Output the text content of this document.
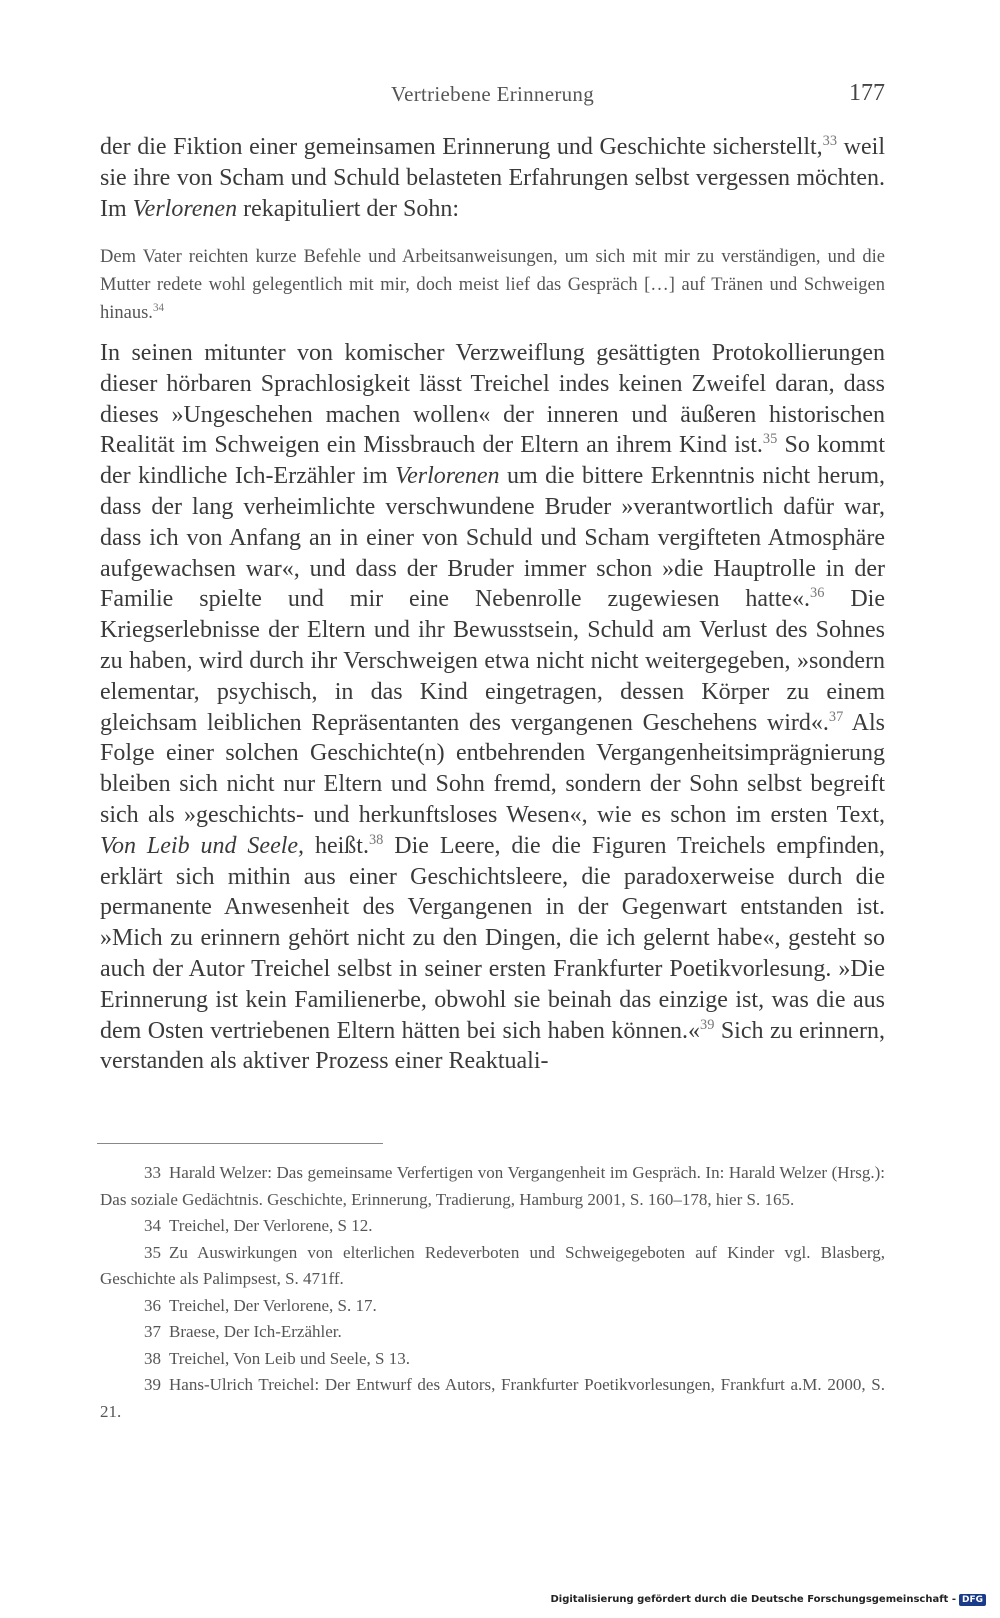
Vertriebene Erinnerung	177
der die Fiktion einer gemeinsamen Erinnerung und Geschichte sicherstellt,$^{33}$ weil sie ihre von Scham und Schuld belasteten Erfahrungen selbst vergessen möchten. Im Verlorenen rekapituliert der Sohn:
Dem Vater reichten kurze Befehle und Arbeitsanweisungen, um sich mit mir zu verständigen, und die Mutter redete wohl gelegentlich mit mir, doch meist lief das Gespräch […] auf Tränen und Schweigen hinaus.$^{34}$
In seinen mitunter von komischer Verzweiflung gesättigten Protokollierungen dieser hörbaren Sprachlosigkeit lässt Treichel indes keinen Zweifel daran, dass dieses »Ungeschehen machen wollen« der inneren und äußeren historischen Realität im Schweigen ein Missbrauch der Eltern an ihrem Kind ist.$^{35}$ So kommt der kindliche Ich-Erzähler im Verlorenen um die bittere Erkenntnis nicht herum, dass der lang verheimlichte verschwundene Bruder »verantwortlich dafür war, dass ich von Anfang an in einer von Schuld und Scham vergifteten Atmosphäre aufgewachsen war«, und dass der Bruder immer schon »die Hauptrolle in der Familie spielte und mir eine Nebenrolle zugewiesen hatte«.$^{36}$ Die Kriegserlebnisse der Eltern und ihr Bewusstsein, Schuld am Verlust des Sohnes zu haben, wird durch ihr Verschweigen etwa nicht nicht weitergegeben, »sondern elementar, psychisch, in das Kind eingetragen, dessen Körper zu einem gleichsam leiblichen Repräsentanten des vergangenen Geschehens wird«.$^{37}$ Als Folge einer solchen Geschichte(n) entbehrenden Vergangenheitsimprägnierung bleiben sich nicht nur Eltern und Sohn fremd, sondern der Sohn selbst begreift sich als »geschichts- und herkunftsloses Wesen«, wie es schon im ersten Text, Von Leib und Seele, heißt.$^{38}$ Die Leere, die die Figuren Treichels empfinden, erklärt sich mithin aus einer Geschichtsleere, die paradoxerweise durch die permanente Anwesenheit des Vergangenen in der Gegenwart entstanden ist. »Mich zu erinnern gehört nicht zu den Dingen, die ich gelernt habe«, gesteht so auch der Autor Treichel selbst in seiner ersten Frankfurter Poetikvorlesung. »Die Erinnerung ist kein Familienerbe, obwohl sie beinah das einzige ist, was die aus dem Osten vertriebenen Eltern hätten bei sich haben können.«$^{39}$ Sich zu erinnern, verstanden als aktiver Prozess einer Reaktuali-

33 Harald Welzer: Das gemeinsame Verfertigen von Vergangenheit im Gespräch. In: Harald Welzer (Hrsg.): Das soziale Gedächtnis. Geschichte, Erinnerung, Tradierung, Hamburg 2001, S. 160–178, hier S. 165.

34 Treichel, Der Verlorene, S 12.

35 Zu Auswirkungen von elterlichen Redeverboten und Schweigegeboten auf Kinder vgl. Blasberg, Geschichte als Palimpsest, S. 471ff.

36 Treichel, Der Verlorene, S. 17.

37 Braese, Der Ich-Erzähler.

38 Treichel, Von Leib und Seele, S 13.

39 Hans-Ulrich Treichel: Der Entwurf des Autors, Frankfurter Poetikvorlesungen, Frankfurt a.M. 2000, S. 21.

Digitalisierung gefördert durch die Deutsche Forschungsgemeinschaft - DFG
